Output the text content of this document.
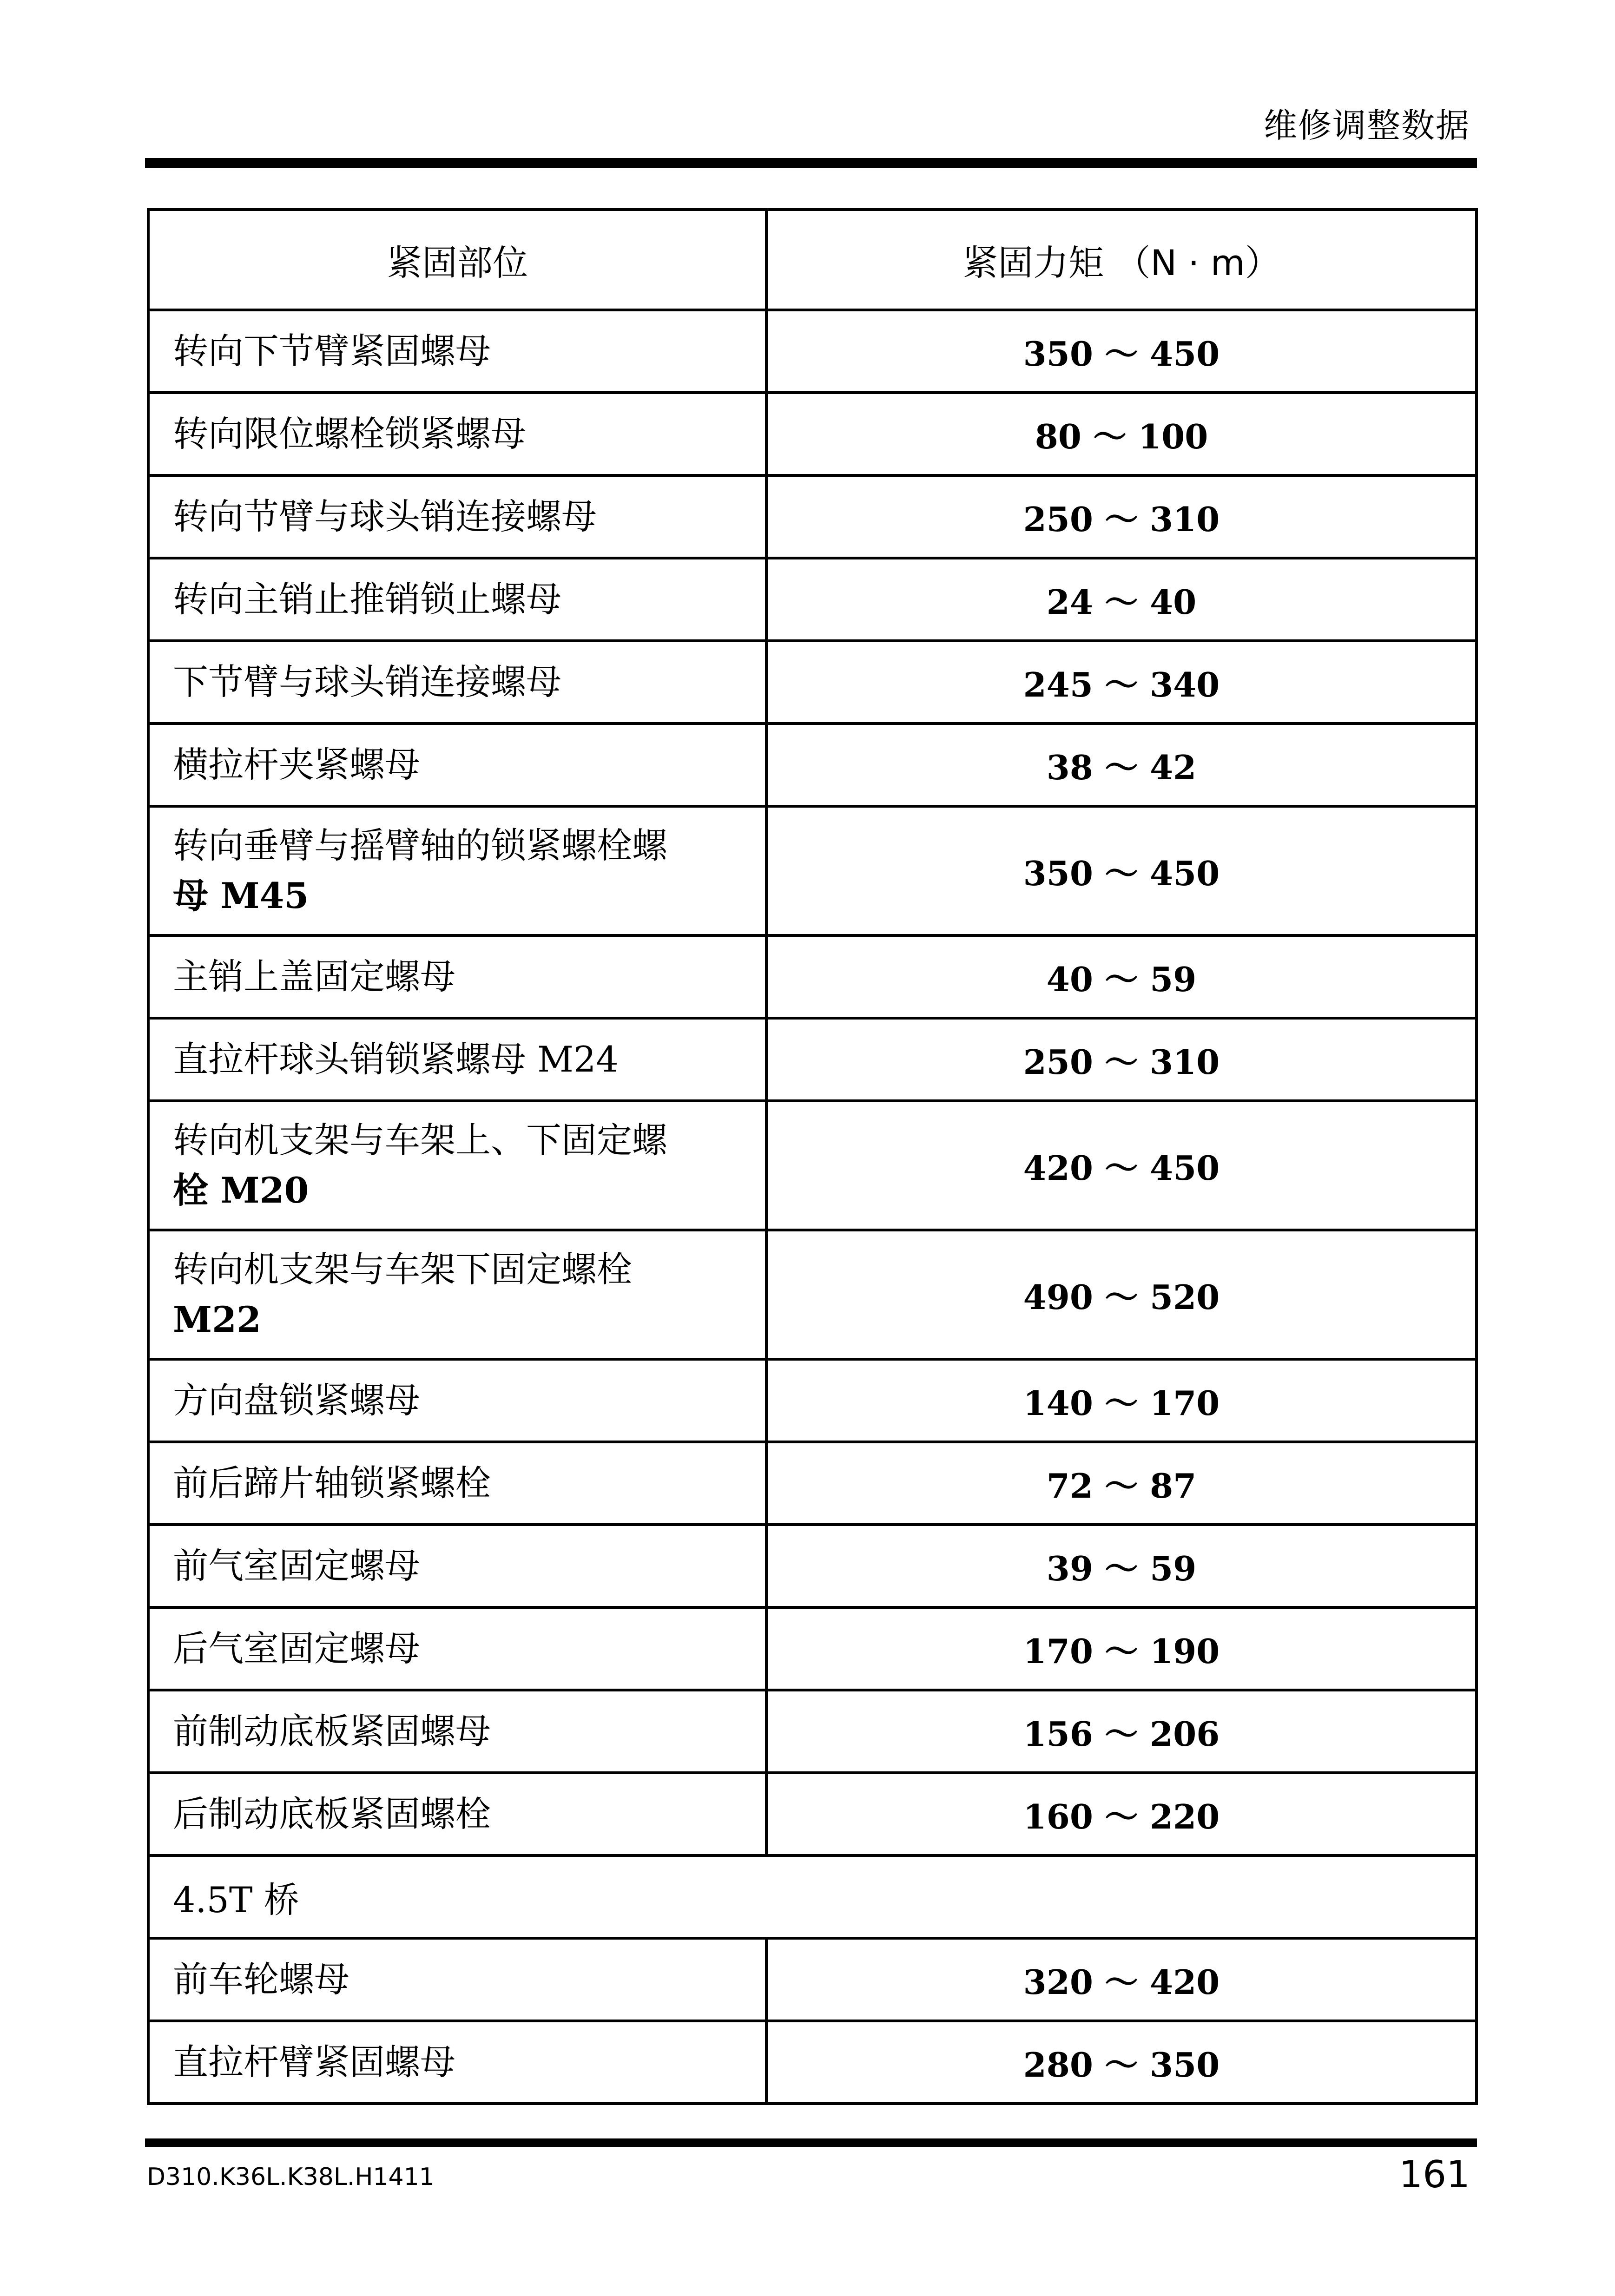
维修调整数据
紧固部位	紧固力矩 （N · m）
转向下节臂紧固螺母	350 ～ 450
转向限位螺栓锁紧螺母	80 ～ 100
转向节臂与球头销连接螺母	250 ～ 310
转向主销止推销锁止螺母	24 ～ 40
下节臂与球头销连接螺母	245 ～ 340
横拉杆夹紧螺母	38 ～ 42
转向垂臂与摇臂轴的锁紧螺栓螺
母 M45	350 ～ 450
主销上盖固定螺母	40 ～ 59
直拉杆球头销锁紧螺母 M24	250 ～ 310
转向机支架与车架上、下固定螺
栓 M20	420 ～ 450
转向机支架与车架下固定螺栓
M22	490 ～ 520
方向盘锁紧螺母	140 ～ 170
前后蹄片轴锁紧螺栓	72 ～ 87
前气室固定螺母	39 ～ 59
后气室固定螺母	170 ～ 190
前制动底板紧固螺母	156 ～ 206
后制动底板紧固螺栓	160 ～ 220
4.5T 桥	
前车轮螺母	320 ～ 420
直拉杆臂紧固螺母	280 ～ 350
D310.K36L.K38L.H1411	161
